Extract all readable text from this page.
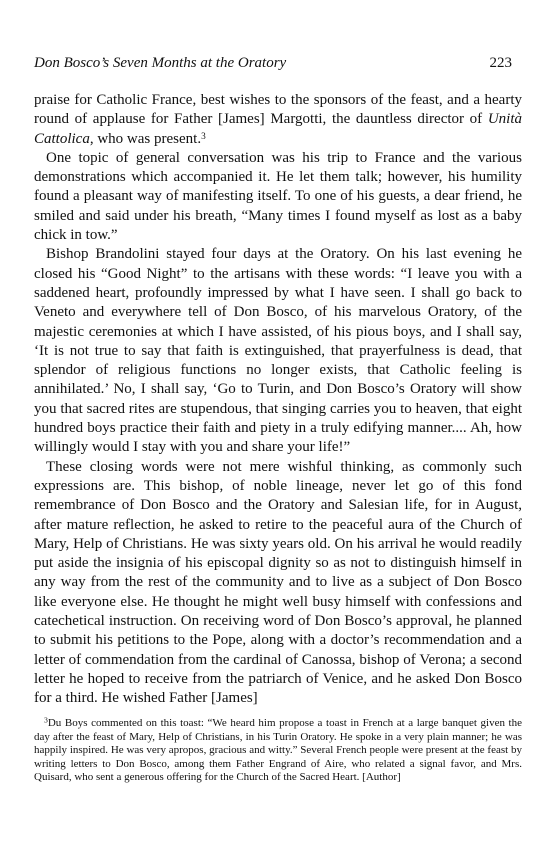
Don Bosco’s Seven Months at the Oratory	223

praise for Catholic France, best wishes to the sponsors of the feast, and a hearty round of applause for Father [James] Margotti, the dauntless director of Unità Cattolica, who was present.$^3$

One topic of general conversation was his trip to France and the various demonstrations which accompanied it. He let them talk; however, his humility found a pleasant way of manifesting itself. To one of his guests, a dear friend, he smiled and said under his breath, “Many times I found myself as lost as a baby chick in tow.”

Bishop Brandolini stayed four days at the Oratory. On his last evening he closed his “Good Night” to the artisans with these words: “I leave you with a saddened heart, profoundly impressed by what I have seen. I shall go back to Veneto and everywhere tell of Don Bosco, of his marvelous Oratory, of the majestic ceremonies at which I have assisted, of his pious boys, and I shall say, ‘It is not true to say that faith is extinguished, that prayerfulness is dead, that splendor of religious functions no longer exists, that Catholic feeling is annihilated.’ No, I shall say, ‘Go to Turin, and Don Bosco’s Oratory will show you that sacred rites are stupendous, that singing carries you to heaven, that eight hundred boys practice their faith and piety in a truly edifying manner.... Ah, how willingly would I stay with you and share your life!”

These closing words were not mere wishful thinking, as commonly such expressions are. This bishop, of noble lineage, never let go of this fond remembrance of Don Bosco and the Oratory and Salesian life, for in August, after mature reflection, he asked to retire to the peaceful aura of the Church of Mary, Help of Christians. He was sixty years old. On his arrival he would readily put aside the insignia of his episcopal dignity so as not to distinguish himself in any way from the rest of the community and to live as a subject of Don Bosco like everyone else. He thought he might well busy himself with confessions and catechetical instruction. On receiving word of Don Bosco’s approval, he planned to submit his petitions to the Pope, along with a doctor’s recommendation and a letter of commendation from the cardinal of Canossa, bishop of Verona; a second letter he hoped to receive from the patriarch of Venice, and he asked Don Bosco for a third. He wished Father [James]

$^3$Du Boys commented on this toast: “We heard him propose a toast in French at a large banquet given the day after the feast of Mary, Help of Christians, in his Turin Oratory. He spoke in a very plain manner; he was happily inspired. He was very apropos, gracious and witty.” Several French people were present at the feast by writing letters to Don Bosco, among them Father Engrand of Aire, who related a signal favor, and Mrs. Quisard, who sent a generous offering for the Church of the Sacred Heart. [Author]
